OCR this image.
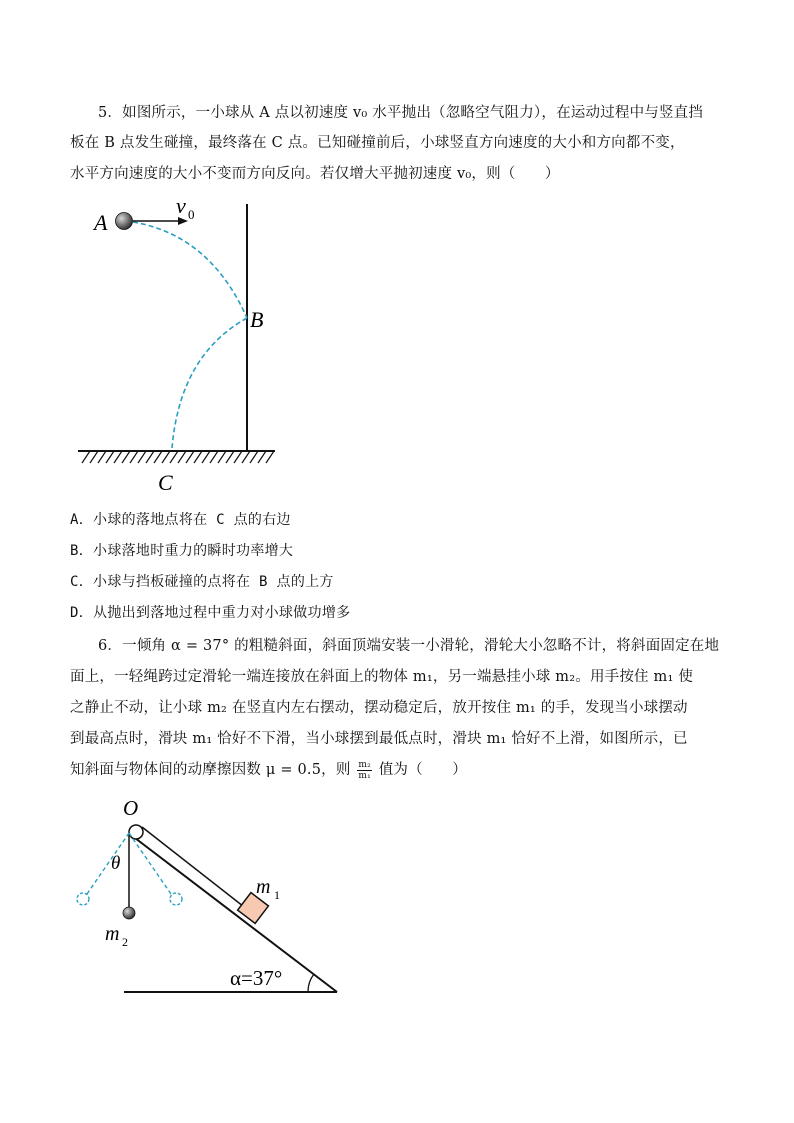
5．如图所示，一小球从 A 点以初速度 v₀ 水平抛出（忽略空气阻力），在运动过程中与竖直挡
板在 B 点发生碰撞，最终落在 C 点。已知碰撞前后，小球竖直方向速度的大小和方向都不变，
水平方向速度的大小不变而方向反向。若仅增大平抛初速度 v₀，则（　　）
A
v 0
B
C
A．小球的落地点将在 C 点的右边
B．小球落地时重力的瞬时功率增大
C．小球与挡板碰撞的点将在 B 点的上方
D．从抛出到落地过程中重力对小球做功增多
6．一倾角 α = 37° 的粗糙斜面，斜面顶端安装一小滑轮，滑轮大小忽略不计，将斜面固定在地
面上，一轻绳跨过定滑轮一端连接放在斜面上的物体 m₁，另一端悬挂小球 m₂。用手按住 m₁ 使
之静止不动，让小球 m₂ 在竖直内左右摆动，摆动稳定后，放开按住 m₁ 的手，发现当小球摆动
到最高点时，滑块 m₁ 恰好不下滑，当小球摆到最低点时，滑块 m₁ 恰好不上滑，如图所示，已
知斜面与物体间的动摩擦因数 μ = 0.5，则 $\frac{\text{m₂}}{\text{m₁}}$ 值为（　　）
O
θ
m 1
m 2
α=37°
